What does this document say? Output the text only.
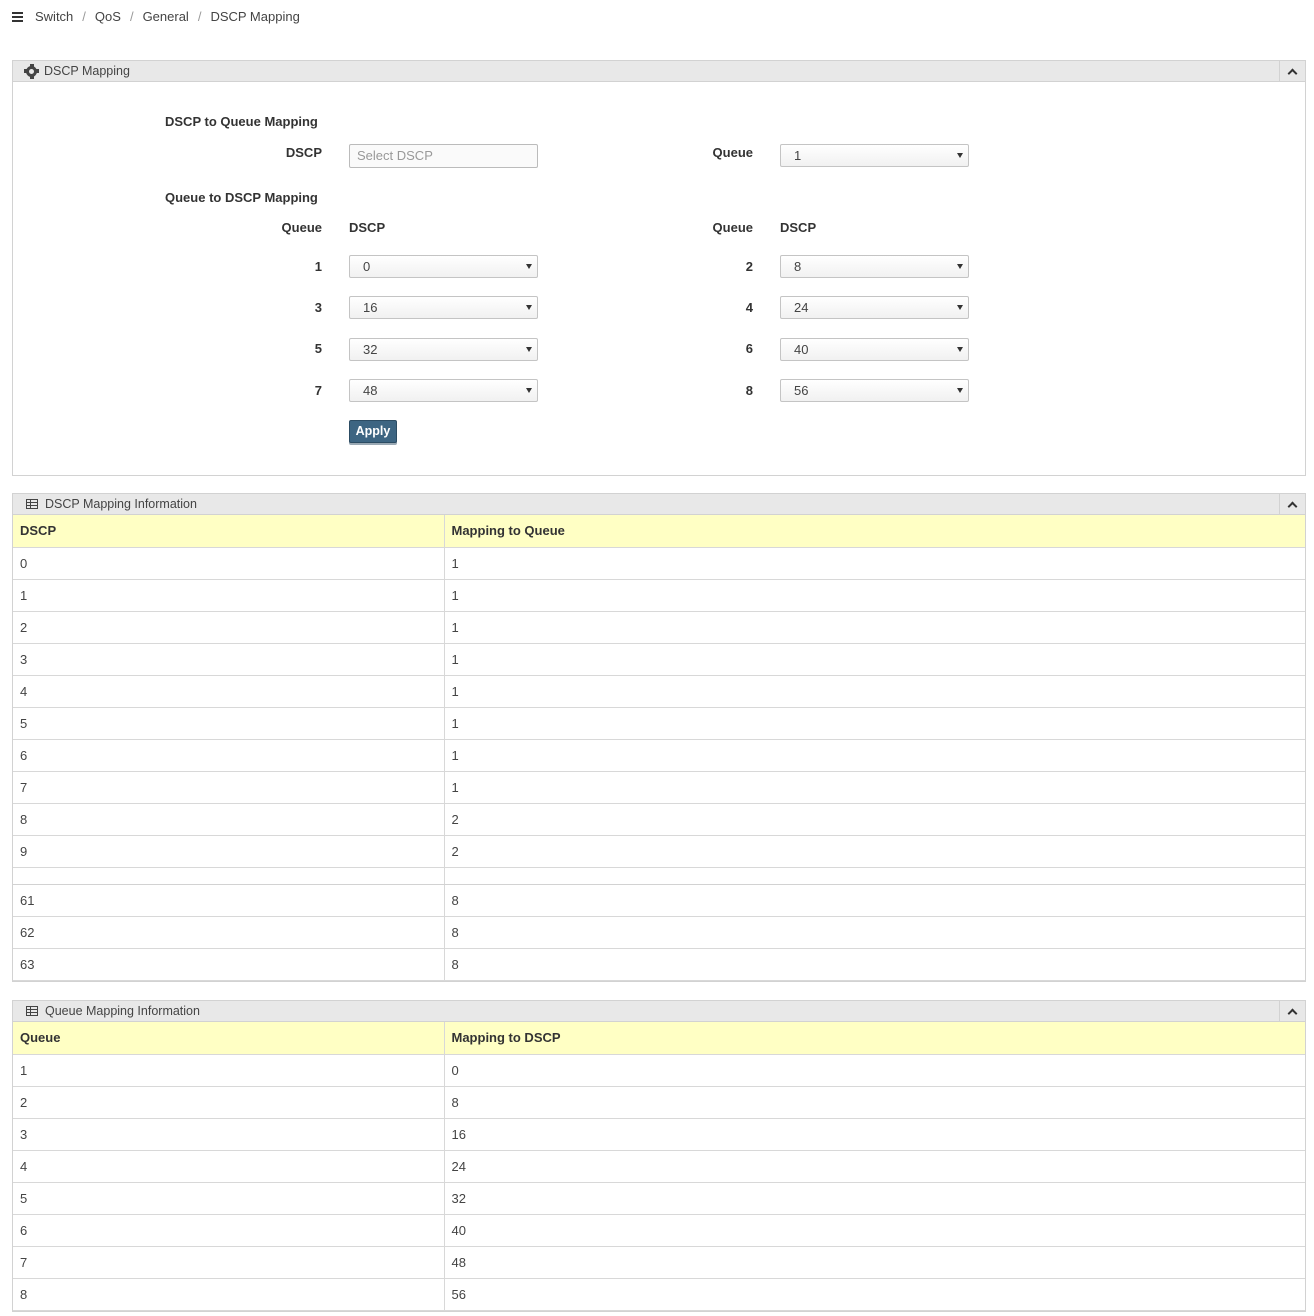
Switch / QoS / General / DSCP Mapping
DSCP Mapping
DSCP to Queue Mapping
DSCP	Select DSCP	Queue	1
Queue to DSCP Mapping
Queue DSCP	Queue DSCP
1	0	2	8
3	16	4	24
5	32	6	40
7	48	8	56
Apply
DSCP Mapping Information
DSCP	Mapping to Queue
0	1
1	1
2	1
3	1
4	1
5	1
6	1
7	1
8	2
9	2

61	8
62	8
63	8
Queue Mapping Information
Queue	Mapping to DSCP
1	0
2	8
3	16
4	24
5	32
6	40
7	48
8	56
